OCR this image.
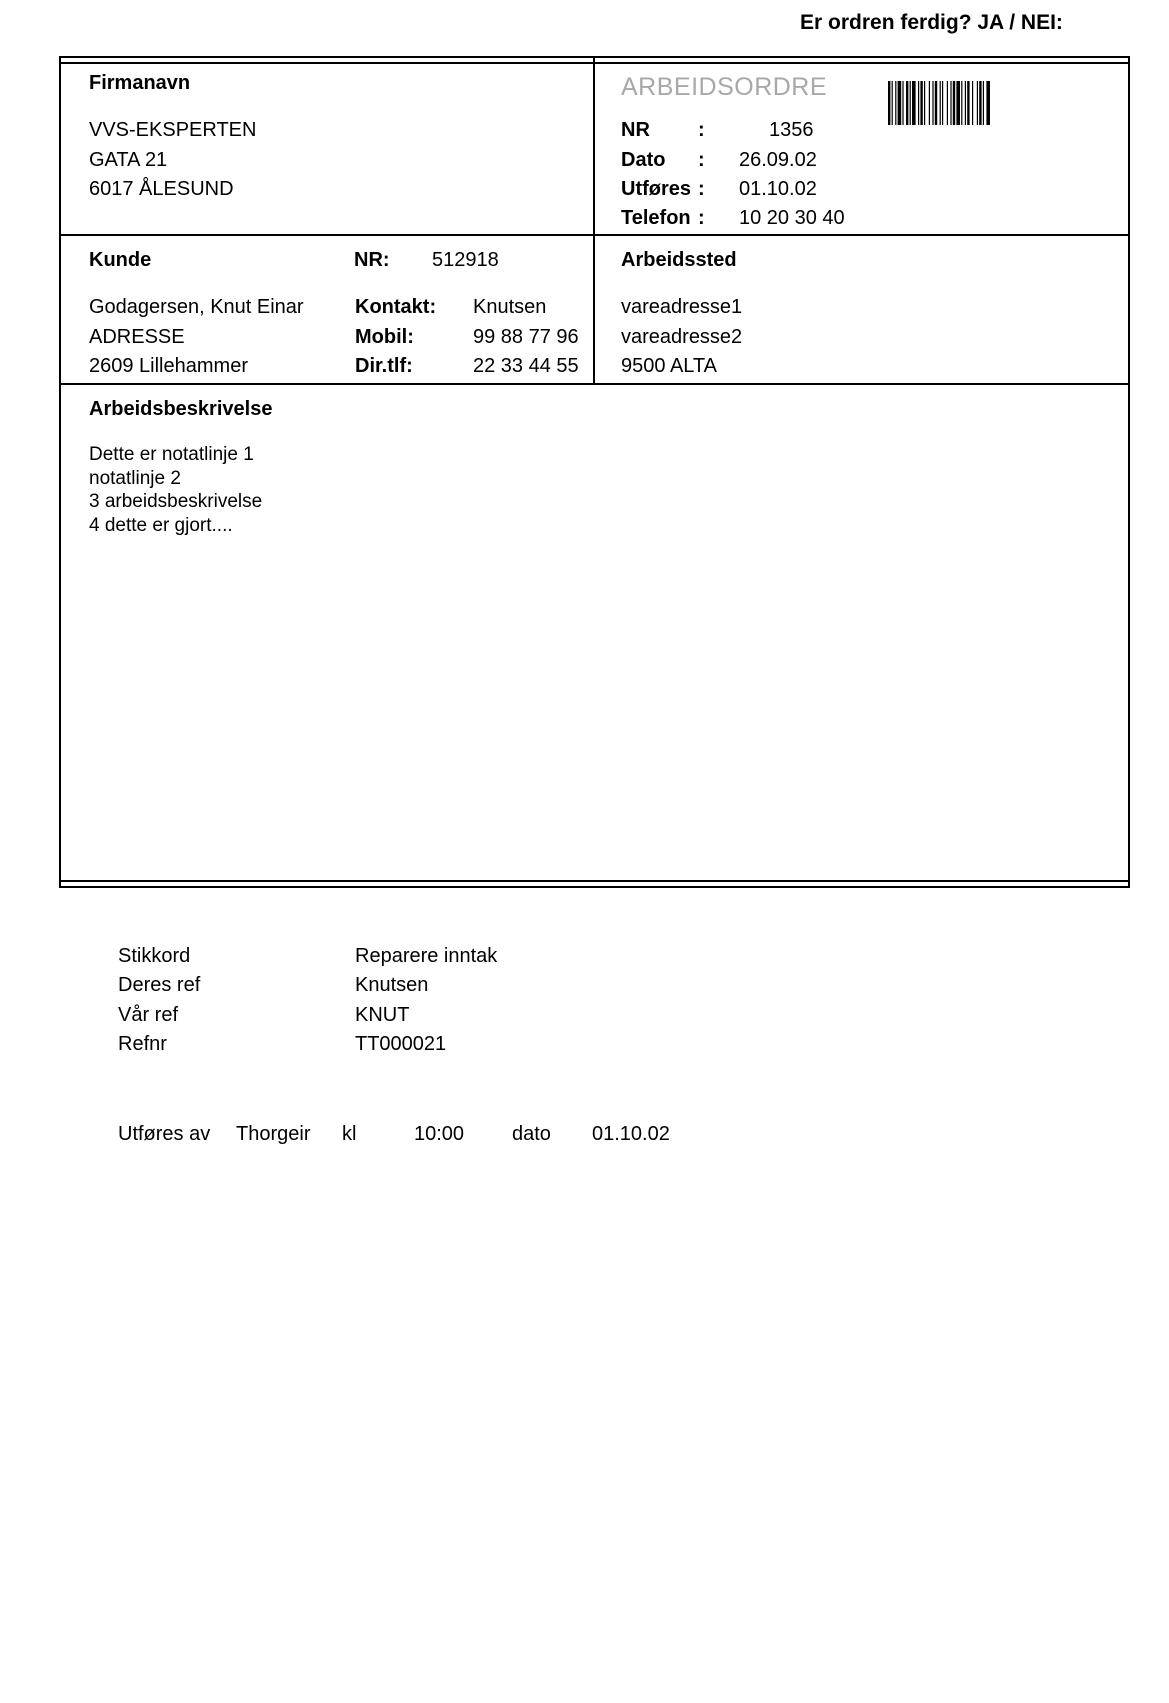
Er ordren ferdig? JA / NEI:
Firmanavn
VVS-EKSPERTEN
GATA 21
6017 ÅLESUND
ARBEIDSORDRE
NR :	1356
Dato : 26.09.02
Utføres : 01.10.02
Telefon : 10 20 30 40
Kunde	NR: 512918
Godagersen, Knut Einar
ADRESSE
2609 Lillehammer
Kontakt: Knutsen
Mobil:	99 88 77 96
Dir.tlf:	22 33 44 55
Arbeidssted
vareadresse1
vareadresse2
9500 ALTA
Arbeidsbeskrivelse
Dette er notatlinje 1
notatlinje 2
3 arbeidsbeskrivelse
4 dette er gjort....
Stikkord	Reparere inntak
Deres ref	Knutsen
Vår ref	KNUT
Refnr	TT000021
Utføres av Thorgeir kl	10:00 dato 01.10.02
